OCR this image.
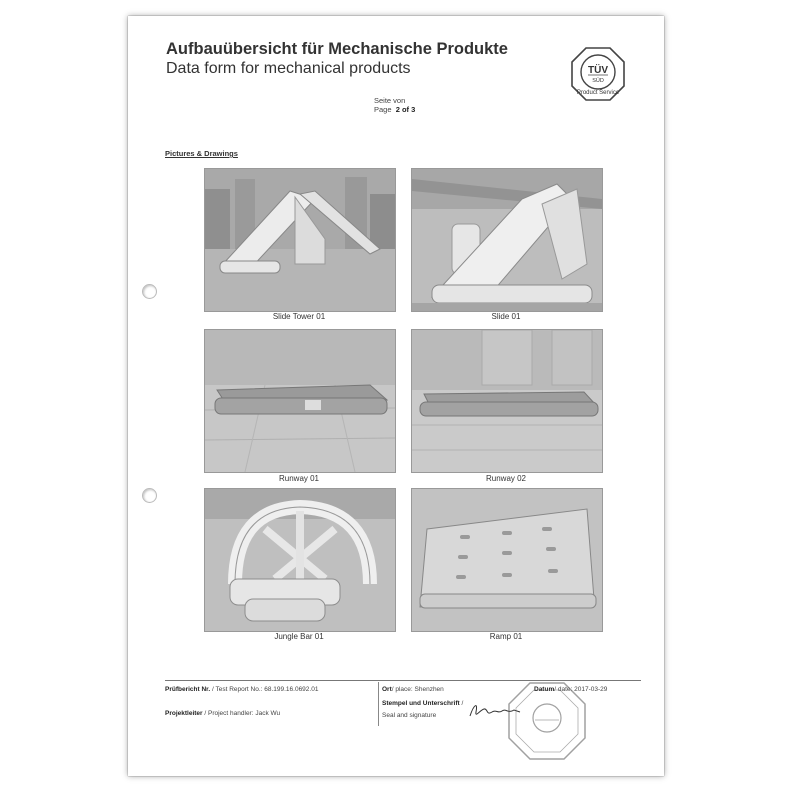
Aufbauübersicht für Mechanische Produkte
Data form for mechanical products	TÜV
SÜD
Product Service
Seite von
Page 2 of 3
Pictures & Drawings
Slide Tower 01	Slide 01
Runway 01	Runway 02
Jungle Bar 01	Ramp 01
Prüfbericht Nr. / Test Report No.: 68.199.16.0692.01
Projektleiter / Project handler: Jack Wu
Ort/ place: Shenzhen	Datum/ date: 2017-03-29
Stempel und Unterschrift /
Seal and signature
